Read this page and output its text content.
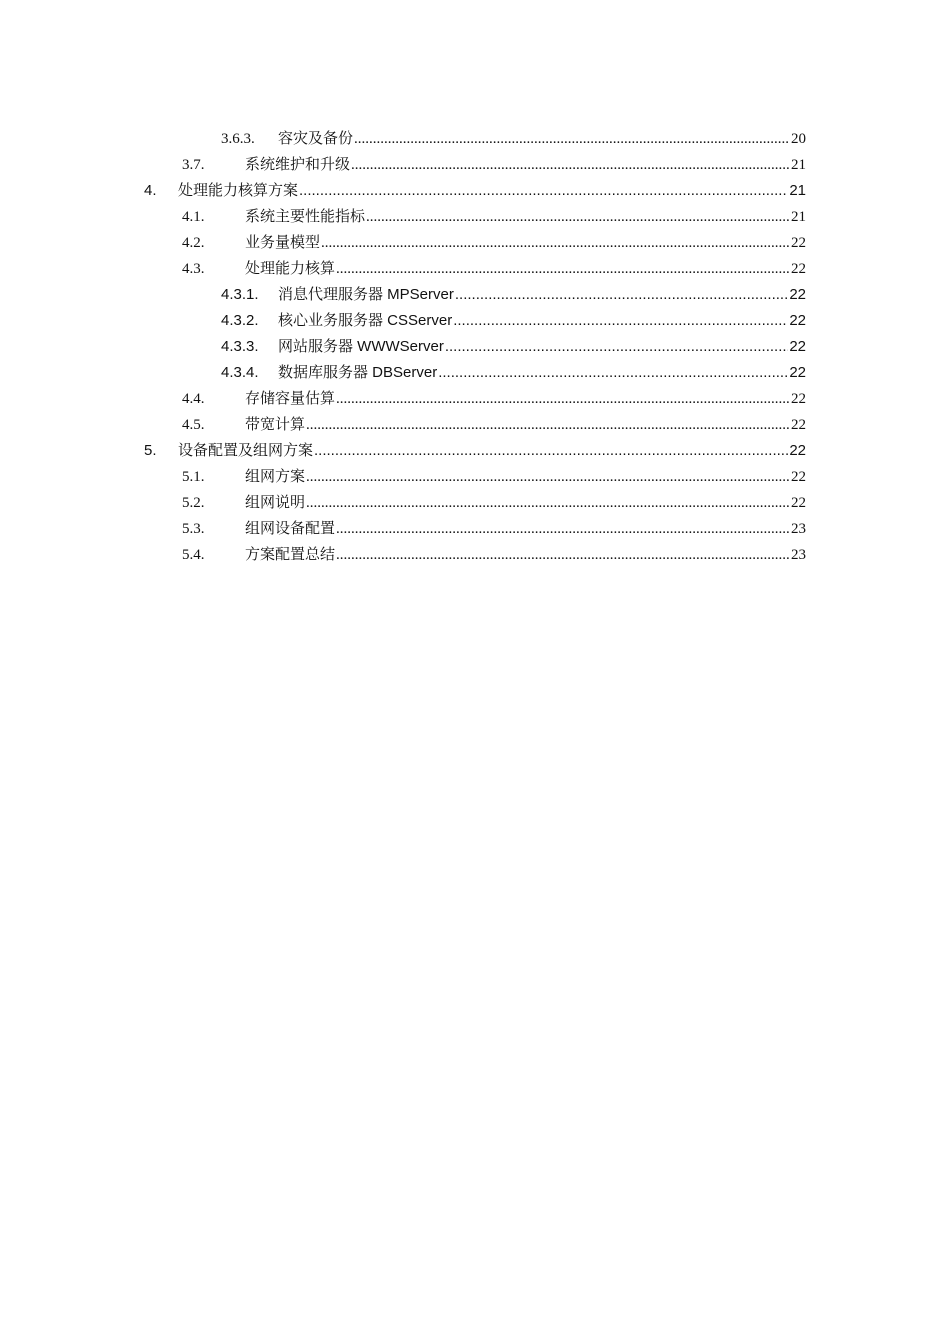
3.6.3. 容灾及备份 .....	20
3.7.	系统维护和升级 .....	21
4. 处理能力核算方案 .....	21
4.1.	系统主要性能指标 .....	21
4.2.	业务量模型 .....	22
4.3.	处理能力核算 .....	22
4.3.1. 消息代理服务器 MPServer .....	22
4.3.2. 核心业务服务器 CSServer .....	22
4.3.3. 网站服务器 WWWServer .....	22
4.3.4. 数据库服务器 DBServer .....	22
4.4.	存储容量估算 .....	22
4.5.	带宽计算 .....	22
5. 设备配置及组网方案 .....	22
5.1.	组网方案 .....	22
5.2.	组网说明 .....	22
5.3.	组网设备配置 .....	23
5.4.	方案配置总结 .....	23
